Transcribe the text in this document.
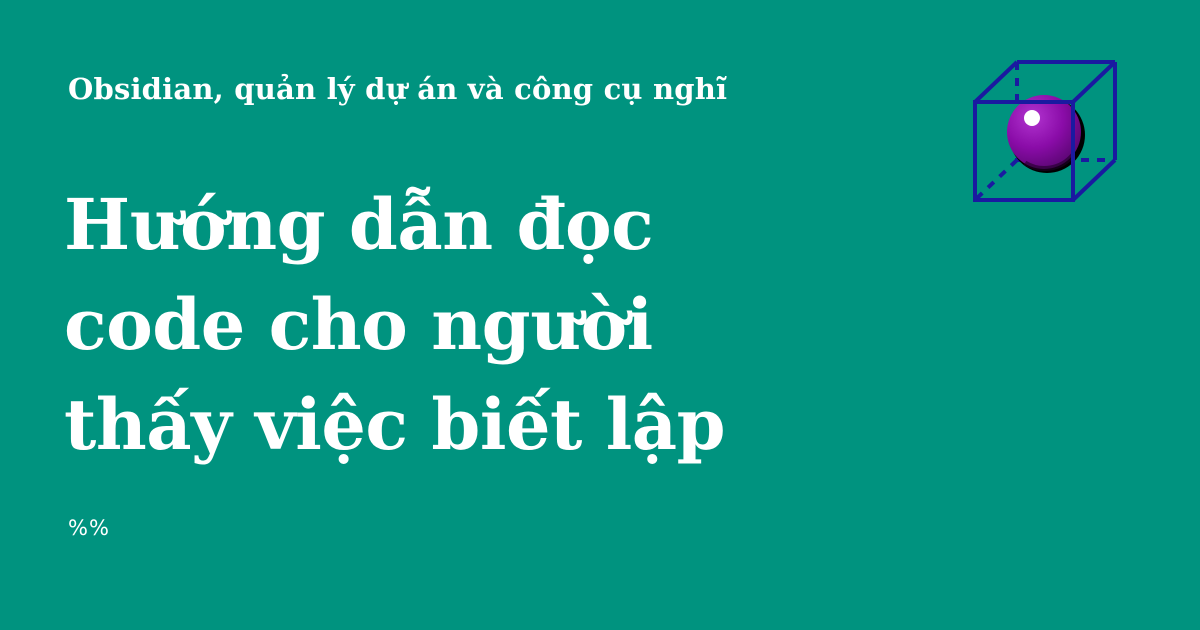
Obsidian, quản lý dự án và công cụ nghĩ
Hướng dẫn đọc
code cho người
thấy việc biết lập
%%
